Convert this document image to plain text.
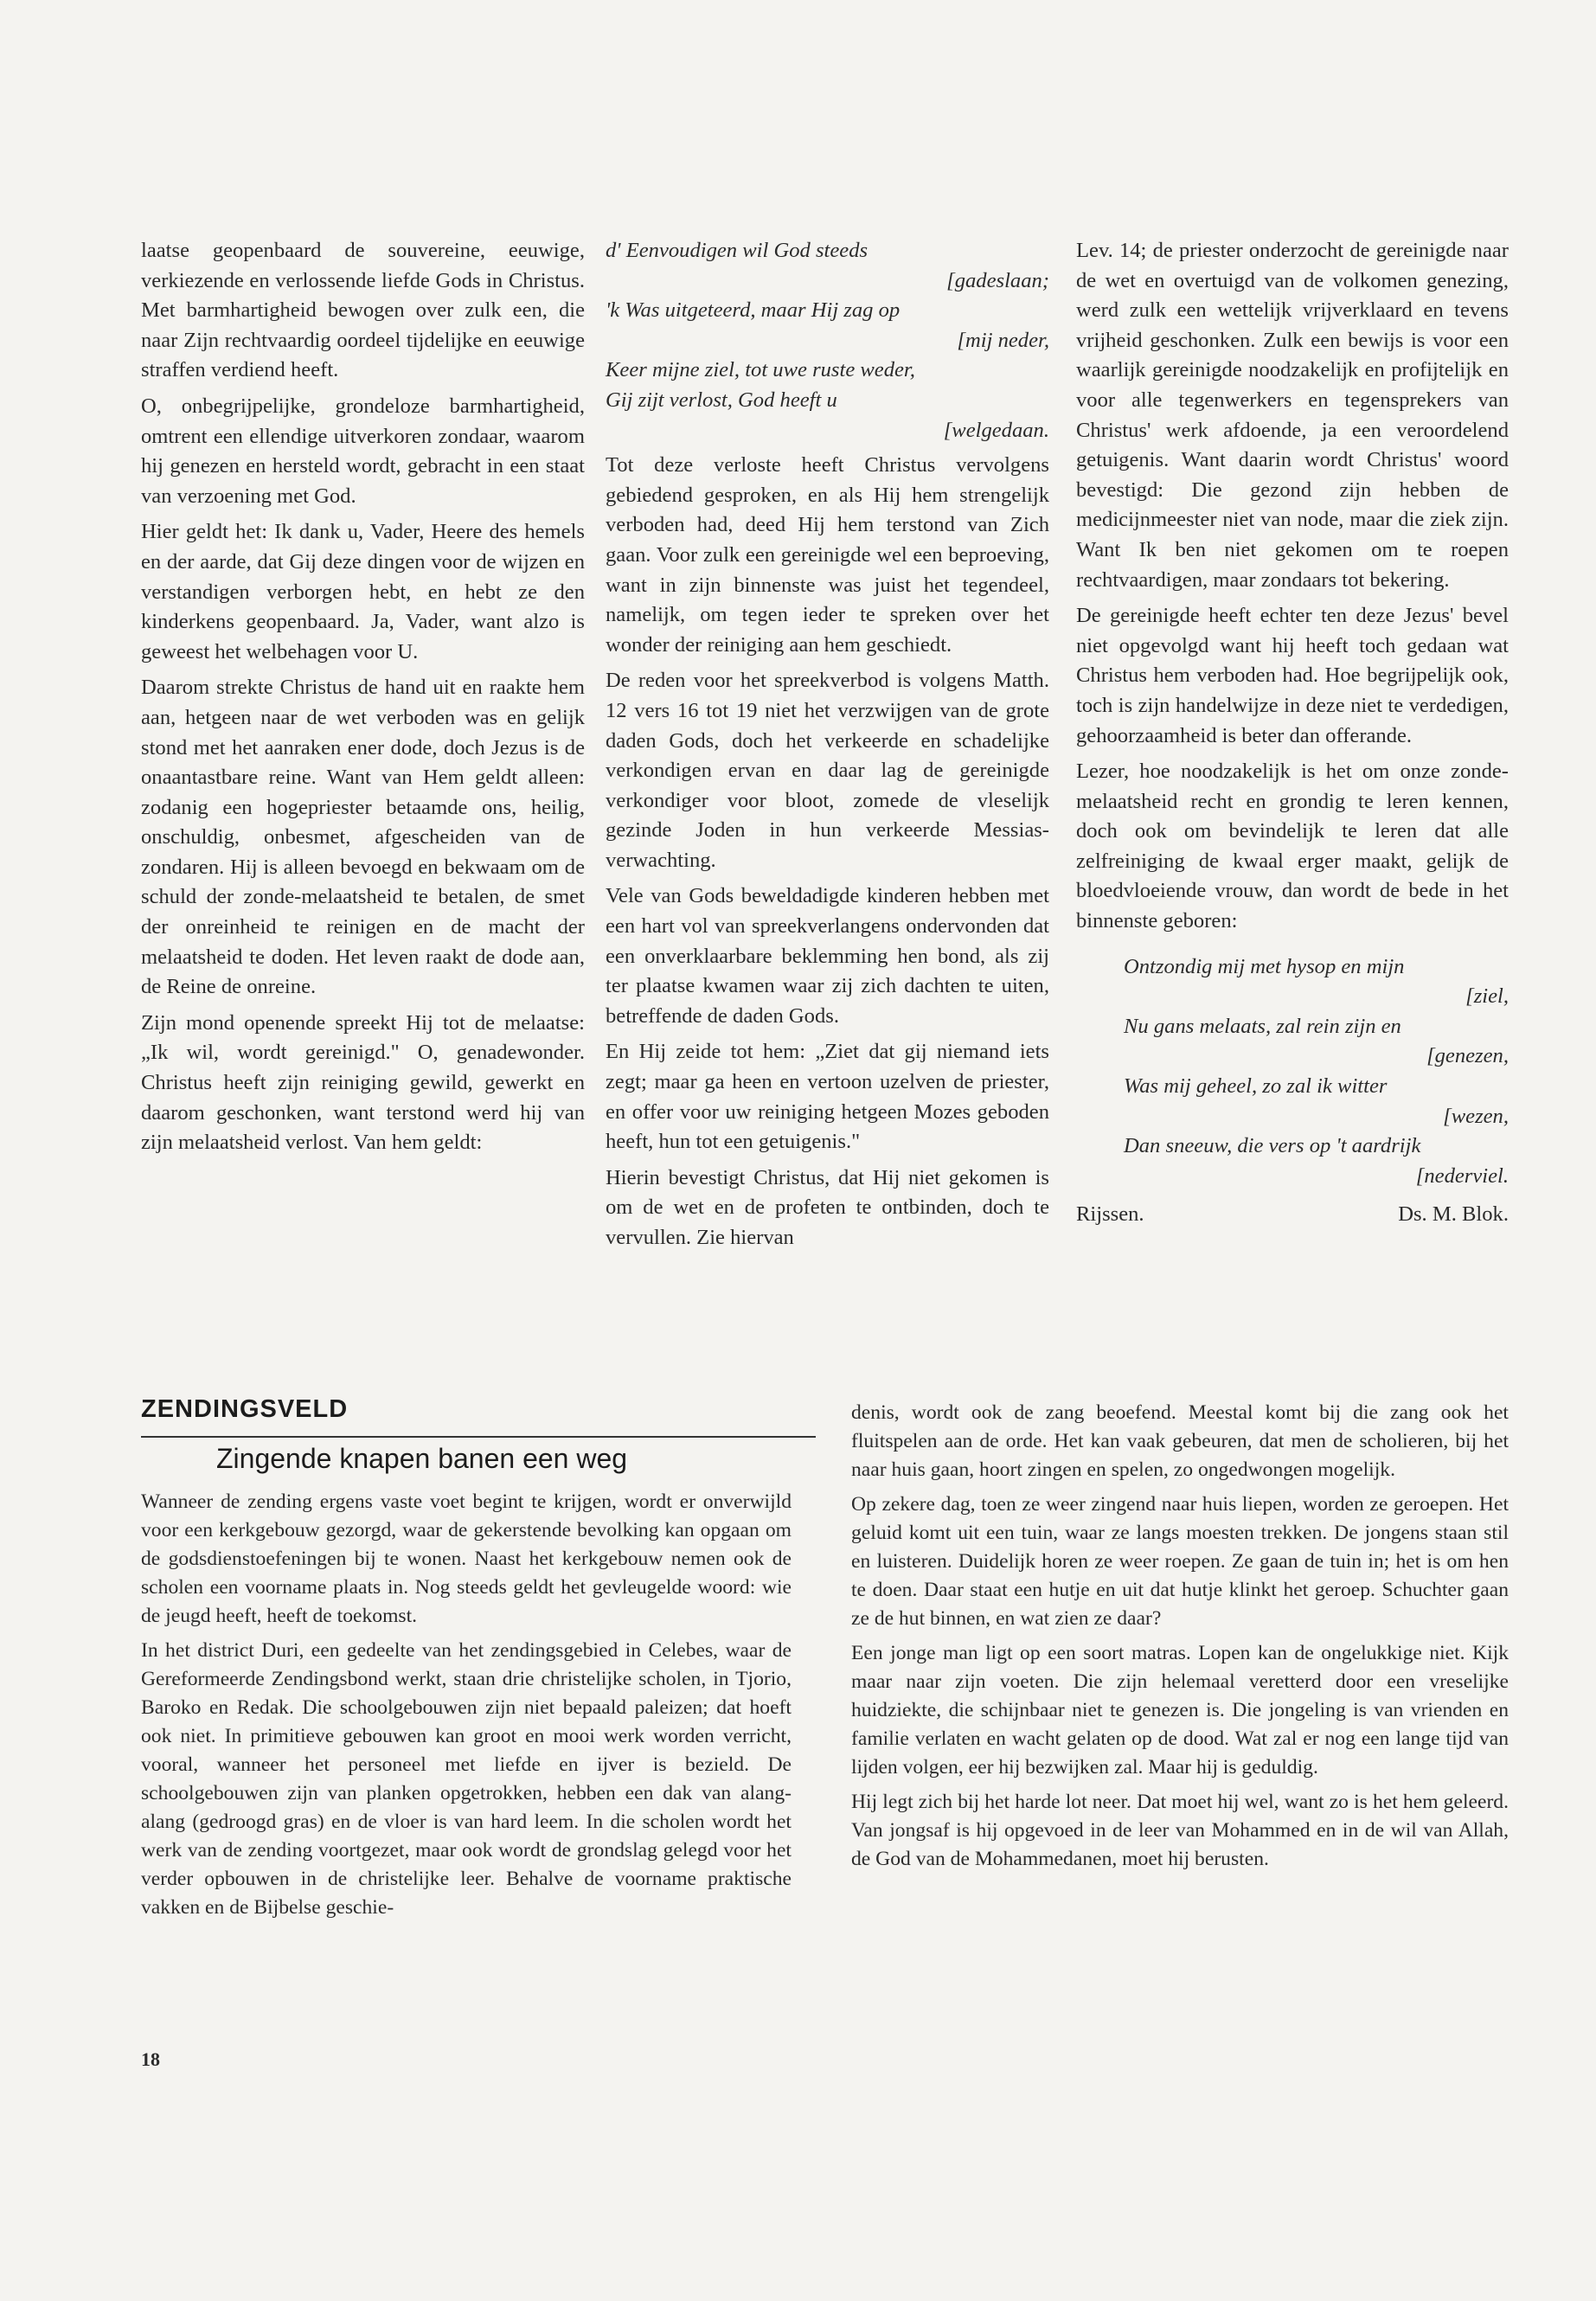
laatse geopenbaard de souvereine, eeuwige, verkiezende en verlossende liefde Gods in Christus. Met barmhartigheid bewogen over zulk een, die naar Zijn rechtvaardig oordeel tijdelijke en eeuwige straffen verdiend heeft.

O, onbegrijpelijke, grondeloze barmhartigheid, omtrent een ellendige uitverkoren zondaar, waarom hij genezen en hersteld wordt, gebracht in een staat van verzoening met God.

Hier geldt het: Ik dank u, Vader, Heere des hemels en der aarde, dat Gij deze dingen voor de wijzen en verstandigen verborgen hebt, en hebt ze den kinderkens geopenbaard. Ja, Vader, want alzo is geweest het welbehagen voor U.

Daarom strekte Christus de hand uit en raakte hem aan, hetgeen naar de wet verboden was en gelijk stond met het aanraken ener dode, doch Jezus is de onaantastbare reine. Want van Hem geldt alleen: zodanig een hogepriester betaamde ons, heilig, onschuldig, onbesmet, afgescheiden van de zondaren. Hij is alleen bevoegd en bekwaam om de schuld der zonde-melaatsheid te betalen, de smet der onreinheid te reinigen en de macht der melaatsheid te doden. Het leven raakt de dode aan, de Reine de onreine.

Zijn mond openende spreekt Hij tot de melaatse: „Ik wil, wordt gereinigd." O, genadewonder. Christus heeft zijn reiniging gewild, gewerkt en daarom geschonken, want terstond werd hij van zijn melaatsheid verlost. Van hem geldt:

d' Eenvoudigen wil God steeds
[gadeslaan;
'k Was uitgeteerd, maar Hij zag op
[mij neder,
Keer mijne ziel, tot uwe ruste weder,
Gij zijt verlost, God heeft u
[welgedaan.

Tot deze verloste heeft Christus vervolgens gebiedend gesproken, en als Hij hem strengelijk verboden had, deed Hij hem terstond van Zich gaan. Voor zulk een gereinigde wel een beproeving, want in zijn binnenste was juist het tegendeel, namelijk, om tegen ieder te spreken over het wonder der reiniging aan hem geschiedt.

De reden voor het spreekverbod is volgens Matth. 12 vers 16 tot 19 niet het verzwijgen van de grote daden Gods, doch het verkeerde en schadelijke verkondigen ervan en daar lag de gereinigde verkondiger voor bloot, zomede de vleselijk gezinde Joden in hun verkeerde Messias-verwachting.

Vele van Gods beweldadigde kinderen hebben met een hart vol van spreekverlangens ondervonden dat een onverklaarbare beklemming hen bond, als zij ter plaatse kwamen waar zij zich dachten te uiten, betreffende de daden Gods.

En Hij zeide tot hem: „Ziet dat gij niemand iets zegt; maar ga heen en vertoon uzelven de priester, en offer voor uw reiniging hetgeen Mozes geboden heeft, hun tot een getuigenis."

Hierin bevestigt Christus, dat Hij niet gekomen is om de wet en de profeten te ontbinden, doch te vervullen. Zie hiervan

Lev. 14; de priester onderzocht de gereinigde naar de wet en overtuigd van de volkomen genezing, werd zulk een wettelijk vrijverklaard en tevens vrijheid geschonken. Zulk een bewijs is voor een waarlijk gereinigde noodzakelijk en profijtelijk en voor alle tegenwerkers en tegensprekers van Christus' werk afdoende, ja een veroordelend getuigenis. Want daarin wordt Christus' woord bevestigd: Die gezond zijn hebben de medicijnmeester niet van node, maar die ziek zijn. Want Ik ben niet gekomen om te roepen rechtvaardigen, maar zondaars tot bekering.

De gereinigde heeft echter ten deze Jezus' bevel niet opgevolgd want hij heeft toch gedaan wat Christus hem verboden had. Hoe begrijpelijk ook, toch is zijn handelwijze in deze niet te verdedigen, gehoorzaamheid is beter dan offerande.

Lezer, hoe noodzakelijk is het om onze zonde-melaatsheid recht en grondig te leren kennen, doch ook om bevindelijk te leren dat alle zelfreiniging de kwaal erger maakt, gelijk de bloedvloeiende vrouw, dan wordt de bede in het binnenste geboren:

Ontzondig mij met hysop en mijn
[ziel,
Nu gans melaats, zal rein zijn en
[genezen,
Was mij geheel, zo zal ik witter
[wezen,
Dan sneeuw, die vers op 't aardrijk
[nederviel.
Rijssen.	Ds. M. Blok.
ZENDINGSVELD
Zingende knapen banen een weg

Wanneer de zending ergens vaste voet begint te krijgen, wordt er onverwijld voor een kerkgebouw gezorgd, waar de gekerstende bevolking kan opgaan om de godsdienstoefeningen bij te wonen. Naast het kerkgebouw nemen ook de scholen een voorname plaats in. Nog steeds geldt het gevleugelde woord: wie de jeugd heeft, heeft de toekomst.

In het district Duri, een gedeelte van het zendingsgebied in Celebes, waar de Gereformeerde Zendingsbond werkt, staan drie christelijke scholen, in Tjorio, Baroko en Redak. Die schoolgebouwen zijn niet bepaald paleizen; dat hoeft ook niet. In primitieve gebouwen kan groot en mooi werk worden verricht, vooral, wanneer het personeel met liefde en ijver is bezield. De schoolgebouwen zijn van planken opgetrokken, hebben een dak van alang-alang (gedroogd gras) en de vloer is van hard leem. In die scholen wordt het werk van de zending voortgezet, maar ook wordt de grondslag gelegd voor het verder opbouwen in de christelijke leer. Behalve de voorname praktische vakken en de Bijbelse geschie-

denis, wordt ook de zang beoefend. Meestal komt bij die zang ook het fluitspelen aan de orde. Het kan vaak gebeuren, dat men de scholieren, bij het naar huis gaan, hoort zingen en spelen, zo ongedwongen mogelijk.

Op zekere dag, toen ze weer zingend naar huis liepen, worden ze geroepen. Het geluid komt uit een tuin, waar ze langs moesten trekken. De jongens staan stil en luisteren. Duidelijk horen ze weer roepen. Ze gaan de tuin in; het is om hen te doen. Daar staat een hutje en uit dat hutje klinkt het geroep. Schuchter gaan ze de hut binnen, en wat zien ze daar?

Een jonge man ligt op een soort matras. Lopen kan de ongelukkige niet. Kijk maar naar zijn voeten. Die zijn helemaal veretterd door een vreselijke huidziekte, die schijnbaar niet te genezen is. Die jongeling is van vrienden en familie verlaten en wacht gelaten op de dood. Wat zal er nog een lange tijd van lijden volgen, eer hij bezwijken zal. Maar hij is geduldig.

Hij legt zich bij het harde lot neer. Dat moet hij wel, want zo is het hem geleerd. Van jongsaf is hij opgevoed in de leer van Mohammed en in de wil van Allah, de God van de Mohammedanen, moet hij berusten.

18
